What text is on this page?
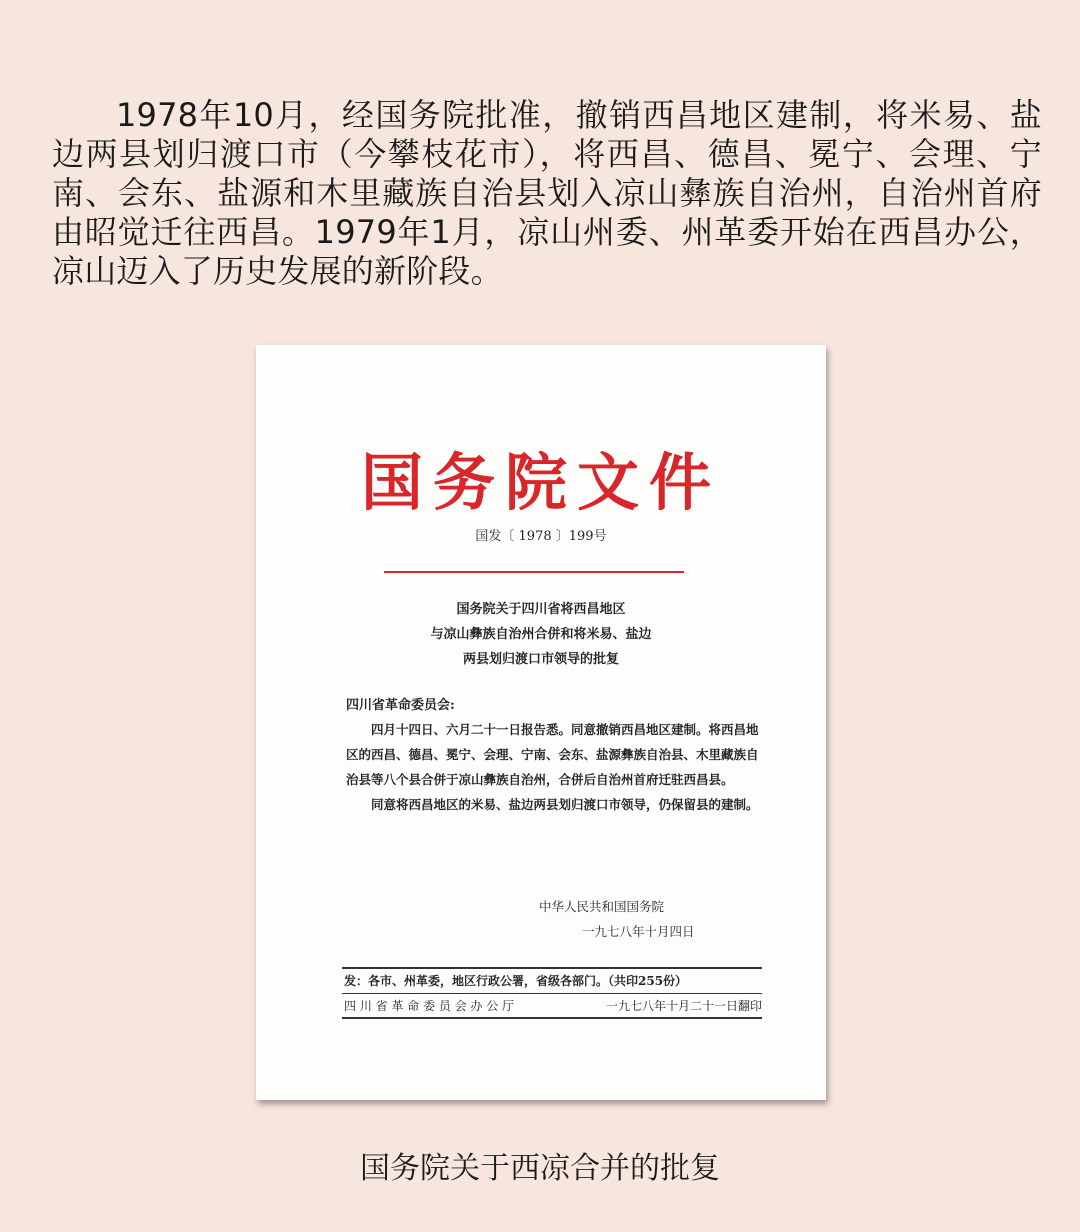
1978年10月，经国务院批准，撤销西昌地区建制，将米易、盐边两县划归渡口市（今攀枝花市），将西昌、德昌、冕宁、会理、宁南、会东、盐源和木里藏族自治县划入凉山彝族自治州，自治州首府由昭觉迁往西昌。1979年1月，凉山州委、州革委开始在西昌办公，凉山迈入了历史发展的新阶段。
国务院文件
国发〔 1978 〕199号
国务院关于四川省将西昌地区
与凉山彝族自治州合併和将米易、盐边
两县划归渡口市领导的批复
四川省革命委员会:

四月十四日、六月二十一日报告悉。同意撤销西昌地区建制。将西昌地区的西昌、德昌、冕宁、会理、宁南、会东、盐源彝族自治县、木里藏族自治县等八个县合併于凉山彝族自治州，合併后自治州首府迁驻西昌县。

同意将西昌地区的米易、盐边两县划归渡口市领导，仍保留县的建制。

中华人民共和国国务院
一九七八年十月四日
发：各市、州革委，地区行政公署，省级各部门。（共印255份）
四 川 省 革 命 委 员 会 办 公 厅	一九七八年十月二十一日翻印
国务院关于西凉合并的批复
